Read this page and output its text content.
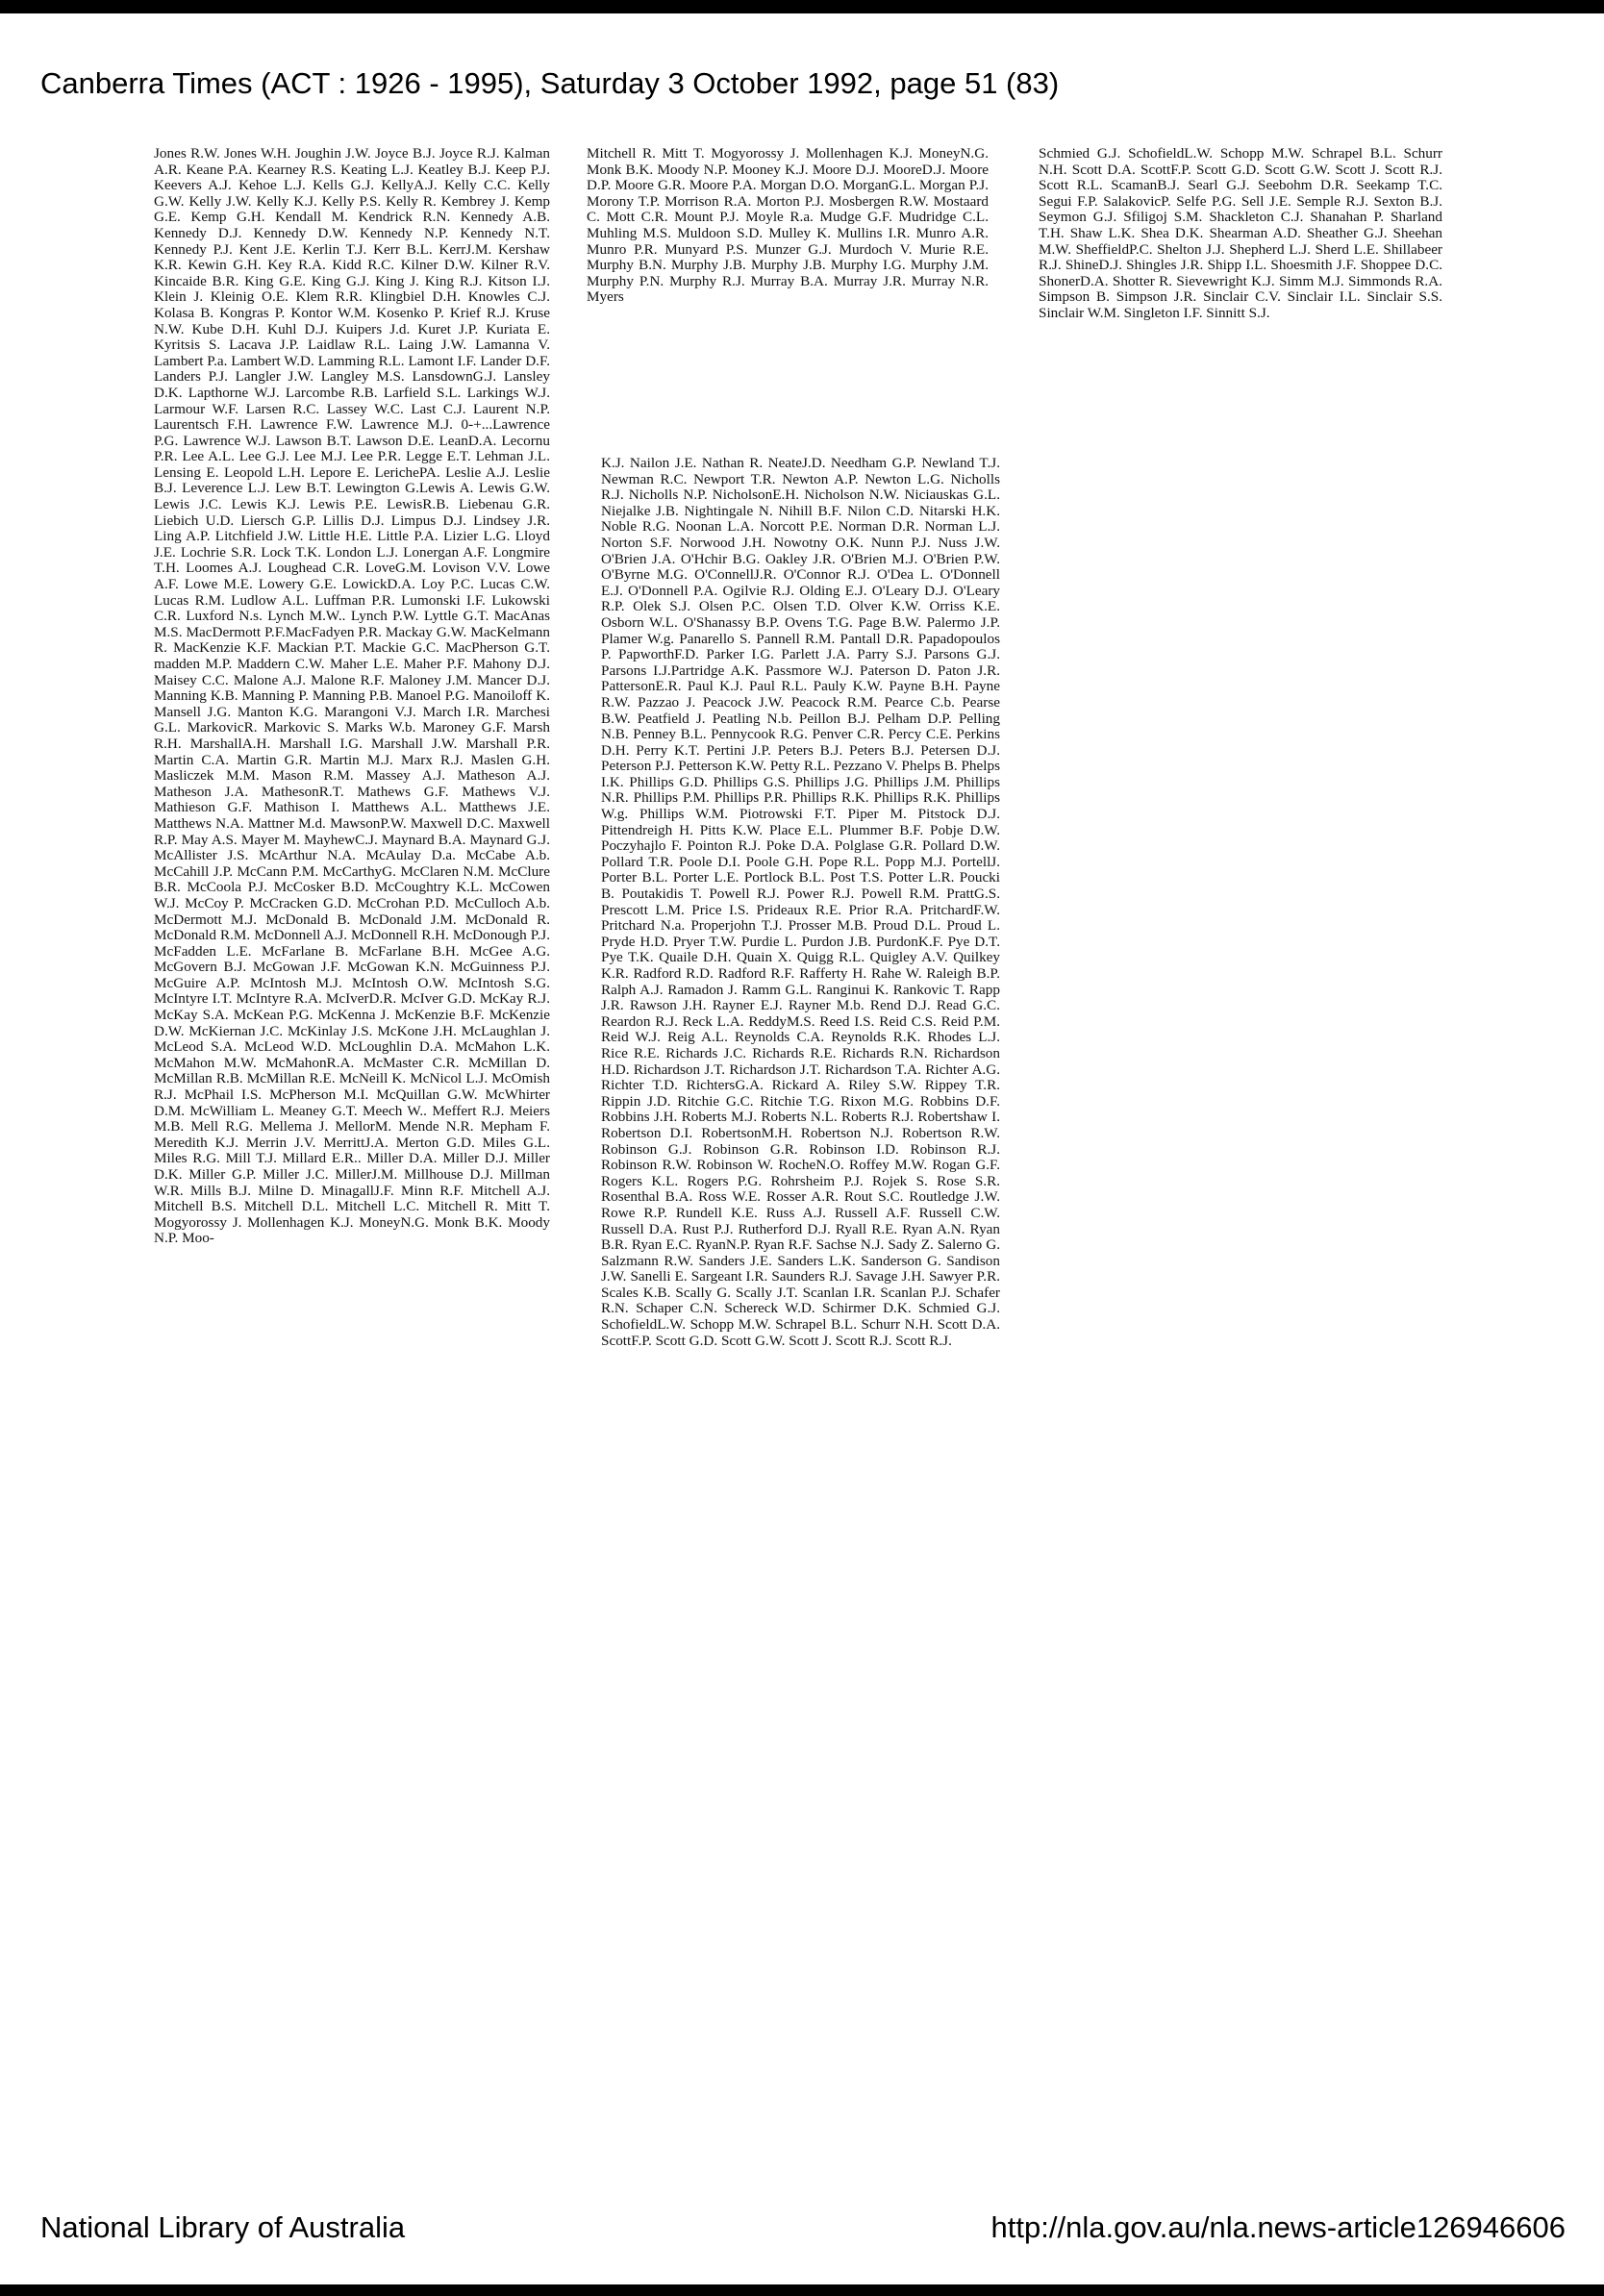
Canberra Times (ACT : 1926 - 1995), Saturday 3 October 1992, page 51 (83)

Jones R.W. Jones W.H. Joughin J.W. Joyce B.J. Joyce R.J. Kalman A.R. Keane P.A. Kearney R.S. Keating L.J. Keatley B.J. Keep P.J. Keevers A.J. Kehoe L.J. Kells G.J. KellyA.J. Kelly C.C. Kelly G.W. Kelly J.W. Kelly K.J. Kelly P.S. Kelly R. Kembrey J. Kemp G.E. Kemp G.H. Kendall M. Kendrick R.N. Kennedy A.B. Kennedy D.J. Kennedy D.W. Kennedy N.P. Kennedy N.T. Kennedy P.J. Kent J.E. Kerlin T.J. Kerr B.L. KerrJ.M. Kershaw K.R. Kewin G.H. Key R.A. Kidd R.C. Kilner D.W. Kilner R.V. Kincaide B.R. King G.E. King G.J. King J. King R.J. Kitson I.J. Klein J. Kleinig O.E. Klem R.R. Klingbiel D.H. Knowles C.J. Kolasa B. Kongras P. Kontor W.M. Kosenko P. Krief R.J. Kruse N.W. Kube D.H. Kuhl D.J. Kuipers J.d. Kuret J.P. Kuriata E. Kyritsis S. Lacava J.P. Laidlaw R.L. Laing J.W. Lamanna V. Lambert P.a. Lambert W.D. Lamming R.L. Lamont I.F. Lander D.F. Landers P.J. Langler J.W. Langley M.S. LansdownG.J. Lansley D.K. Lapthorne W.J. Larcombe R.B. Larfield S.L. Larkings W.J. Larmour W.F. Larsen R.C. Lassey W.C. Last C.J. Laurent N.P. Laurentsch F.H. Lawrence F.W. Lawrence M.J. 0-+...Lawrence P.G. Lawrence W.J. Lawson B.T. Lawson D.E. LeanD.A. Lecornu P.R. Lee A.L. Lee G.J. Lee M.J. Lee P.R. Legge E.T. Lehman J.L. Lensing E. Leopold L.H. Lepore E. LerichePA. Leslie A.J. Leslie B.J. Leverence L.J. Lew B.T. Lewington G.Lewis A. Lewis G.W. Lewis J.C. Lewis K.J. Lewis P.E. LewisR.B. Liebenau G.R. Liebich U.D. Liersch G.P. Lillis D.J. Limpus D.J. Lindsey J.R. Ling A.P. Litchfield J.W. Little H.E. Little P.A. Lizier L.G. Lloyd J.E. Lochrie S.R. Lock T.K. London L.J. Lonergan A.F. Longmire T.H. Loomes A.J. Loughead C.R. LoveG.M. Lovison V.V. Lowe A.F. Lowe M.E. Lowery G.E. LowickD.A. Loy P.C. Lucas C.W. Lucas R.M. Ludlow A.L. Luffman P.R. Lumonski I.F. Lukowski C.R. Luxford N.s. Lynch M.W.. Lynch P.W. Lyttle G.T. MacAnas M.S. MacDermott P.F.MacFadyen P.R. Mackay G.W. MacKelmann R. MacKenzie K.F. Mackian P.T. Mackie G.C. MacPherson G.T. madden M.P. Maddern C.W. Maher L.E. Maher P.F. Mahony D.J. Maisey C.C. Malone A.J. Malone R.F. Maloney J.M. Mancer D.J. Manning K.B. Manning P. Manning P.B. Manoel P.G. Manoiloff K. Mansell J.G. Manton K.G. Marangoni V.J. March I.R. Marchesi G.L. MarkovicR. Markovic S. Marks W.b. Maroney G.F. Marsh R.H. MarshallA.H. Marshall I.G. Marshall J.W. Marshall P.R. Martin C.A. Martin G.R. Martin M.J. Marx R.J. Maslen G.H. Masliczek M.M. Mason R.M. Massey A.J. Matheson A.J. Matheson J.A. MathesonR.T. Mathews G.F. Mathews V.J. Mathieson G.F. Mathison I. Matthews A.L. Matthews J.E. Matthews N.A. Mattner M.d. MawsonP.W. Maxwell D.C. Maxwell R.P. May A.S. Mayer M. MayhewC.J. Maynard B.A. Maynard G.J. McAllister J.S. McArthur N.A. McAulay D.a. McCabe A.b. McCahill J.P. McCann P.M. McCarthyG. McClaren N.M. McClure B.R. McCoola P.J. McCosker B.D. McCoughtry K.L. McCowen W.J. McCoy P. McCracken G.D. McCrohan P.D. McCulloch A.b. McDermott M.J. McDonald B. McDonald J.M. McDonald R. McDonald R.M. McDonnell A.J. McDonnell R.H. McDonough P.J. McFadden L.E. McFarlane B. McFarlane B.H. McGee A.G. McGovern B.J. McGowan J.F. McGowan K.N. McGuinness P.J. McGuire A.P. McIntosh M.J. McIntosh O.W. McIntosh S.G. McIntyre I.T. McIntyre R.A. McIverD.R. McIver G.D. McKay R.J. McKay S.A. McKean P.G. McKenna J. McKenzie B.F. McKenzie D.W. McKiernan J.C. McKinlay J.S. McKone J.H. McLaughlan J. McLeod S.A. McLeod W.D. McLoughlin D.A. McMahon L.K. McMahon M.W. McMahonR.A. McMaster C.R. McMillan D. McMillan R.B. McMillan R.E. McNeill K. McNicol L.J. McOmish R.J. McPhail I.S. McPherson M.I. McQuillan G.W. McWhirter D.M. McWilliam L. Meaney G.T. Meech W.. Meffert R.J. Meiers M.B. Mell R.G. Mellema J. MellorM. Mende N.R. Mepham F. Meredith K.J. Merrin J.V. MerrittJ.A. Merton G.D. Miles G.L. Miles R.G. Mill T.J. Millard E.R.. Miller D.A. Miller D.J. Miller D.K. Miller G.P. Miller J.C. MillerJ.M. Millhouse D.J. Millman W.R. Mills B.J. Milne D. MinagallJ.F. Minn R.F. Mitchell A.J. Mitchell B.S. Mitchell D.L. Mitchell L.C. Mitchell R. Mitt T. Mogyorossy J. Mollenhagen K.J. MoneyN.G. Monk B.K. Moody N.P. Moo-

Mitchell R. Mitt T. Mogyorossy J. Mollenhagen K.J. MoneyN.G. Monk B.K. Moody N.P. Mooney K.J. Moore D.J. MooreD.J. Moore D.P. Moore G.R. Moore P.A. Morgan D.O. MorganG.L. Morgan P.J. Morony T.P. Morrison R.A. Morton P.J. Mosbergen R.W. Mostaard C. Mott C.R. Mount P.J. Moyle R.a. Mudge G.F. Mudridge C.L. Muhling M.S. Muldoon S.D. Mulley K. Mullins I.R. Munro A.R. Munro P.R. Munyard P.S. Munzer G.J. Murdoch V. Murie R.E. Murphy B.N. Murphy J.B. Murphy J.B. Murphy I.G. Murphy J.M. Murphy P.N. Murphy R.J. Murray B.A. Murray J.R. Murray N.R. Myers

K.J. Nailon J.E. Nathan R. NeateJ.D. Needham G.P. Newland T.J. Newman R.C. Newport T.R. Newton A.P. Newton L.G. Nicholls R.J. Nicholls N.P. NicholsonE.H. Nicholson N.W. Niciauskas G.L. Niejalke J.B. Nightingale N. Nihill B.F. Nilon C.D. Nitarski H.K. Noble R.G. Noonan L.A. Norcott P.E. Norman D.R. Norman L.J. Norton S.F. Norwood J.H. Nowotny O.K. Nunn P.J. Nuss J.W. O'Brien J.A. O'Hchir B.G. Oakley J.R. O'Brien M.J. O'Brien P.W. O'Byrne M.G. O'ConnellJ.R. O'Connor R.J. O'Dea L. O'Donnell E.J. O'Donnell P.A. Ogilvie R.J. Olding E.J. O'Leary D.J. O'Leary R.P. Olek S.J. Olsen P.C. Olsen T.D. Olver K.W. Orriss K.E. Osborn W.L. O'Shanassy B.P. Ovens T.G. Page B.W. Palermo J.P. Plamer W.g. Panarello S. Pannell R.M. Pantall D.R. Papadopoulos P. PapworthF.D. Parker I.G. Parlett J.A. Parry S.J. Parsons G.J. Parsons I.J.Partridge A.K. Passmore W.J. Paterson D. Paton J.R. PattersonE.R. Paul K.J. Paul R.L. Pauly K.W. Payne B.H. Payne R.W. Pazzao J. Peacock J.W. Peacock R.M. Pearce C.b. Pearse B.W. Peatfield J. Peatling N.b. Peillon B.J. Pelham D.P. Pelling N.B. Penney B.L. Pennycook R.G. Penver C.R. Percy C.E. Perkins D.H. Perry K.T. Pertini J.P. Peters B.J. Peters B.J. Petersen D.J. Peterson P.J. Petterson K.W. Petty R.L. Pezzano V. Phelps B. Phelps I.K. Phillips G.D. Phillips G.S. Phillips J.G. Phillips J.M. Phillips N.R. Phillips P.M. Phillips P.R. Phillips R.K. Phillips R.K. Phillips W.g. Phillips W.M. Piotrowski F.T. Piper M. Pitstock D.J. Pittendreigh H. Pitts K.W. Place E.L. Plummer B.F. Pobje D.W. Poczyhajlo F. Pointon R.J. Poke D.A. Polglase G.R. Pollard D.W. Pollard T.R. Poole D.I. Poole G.H. Pope R.L. Popp M.J. PortellJ. Porter B.L. Porter L.E. Portlock B.L. Post T.S. Potter L.R. Poucki B. Poutakidis T. Powell R.J. Power R.J. Powell R.M. PrattG.S. Prescott L.M. Price I.S. Prideaux R.E. Prior R.A. PritchardF.W. Pritchard N.a. Properjohn T.J. Prosser M.B. Proud D.L. Proud L. Pryde H.D. Pryer T.W. Purdie L. Purdon J.B. PurdonK.F. Pye D.T. Pye T.K. Quaile D.H. Quain X. Quigg R.L. Quigley A.V. Quilkey K.R. Radford R.D. Radford R.F. Rafferty H. Rahe W. Raleigh B.P. Ralph A.J. Ramadon J. Ramm G.L. Ranginui K. Rankovic T. Rapp J.R. Rawson J.H. Rayner E.J. Rayner M.b. Rend D.J. Read G.C. Reardon R.J. Reck L.A. ReddyM.S. Reed I.S. Reid C.S. Reid P.M. Reid W.J. Reig A.L. Reynolds C.A. Reynolds R.K. Rhodes L.J. Rice R.E. Richards J.C. Richards R.E. Richards R.N. Richardson H.D. Richardson J.T. Richardson J.T. Richardson T.A. Richter A.G. Richter T.D. RichtersG.A. Rickard A. Riley S.W. Rippey T.R. Rippin J.D. Ritchie G.C. Ritchie T.G. Rixon M.G. Robbins D.F. Robbins J.H. Roberts M.J. Roberts N.L. Roberts R.J. Robertshaw I. Robertson D.I. RobertsonM.H. Robertson N.J. Robertson R.W. Robinson G.J. Robinson G.R. Robinson I.D. Robinson R.J. Robinson R.W. Robinson W. RocheN.O. Roffey M.W. Rogan G.F. Rogers K.L. Rogers P.G. Rohrsheim P.J. Rojek S. Rose S.R. Rosenthal B.A. Ross W.E. Rosser A.R. Rout S.C. Routledge J.W. Rowe R.P. Rundell K.E. Russ A.J. Russell A.F. Russell C.W. Russell D.A. Rust P.J. Rutherford D.J. Ryall R.E. Ryan A.N. Ryan B.R. Ryan E.C. RyanN.P. Ryan R.F. Sachse N.J. Sady Z. Salerno G. Salzmann R.W. Sanders J.E. Sanders L.K. Sanderson G. Sandison J.W. Sanelli E. Sargeant I.R. Saunders R.J. Savage J.H. Sawyer P.R. Scales K.B. Scally G. Scally J.T. Scanlan I.R. Scanlan P.J. Schafer R.N. Schaper C.N. Schereck W.D. Schirmer D.K. Schmied G.J. SchofieldL.W. Schopp M.W. Schrapel B.L. Schurr N.H. Scott D.A. ScottF.P. Scott G.D. Scott G.W. Scott J. Scott R.J. Scott R.J.

Schmied G.J. SchofieldL.W. Schopp M.W. Schrapel B.L. Schurr N.H. Scott D.A. ScottF.P. Scott G.D. Scott G.W. Scott J. Scott R.J. Scott R.L. ScamanB.J. Searl G.J. Seebohm D.R. Seekamp T.C. Segui F.P. SalakovicP. Selfe P.G. Sell J.E. Semple R.J. Sexton B.J. Seymon G.J. Sfiligoj S.M. Shackleton C.J. Shanahan P. Sharland T.H. Shaw L.K. Shea D.K. Shearman A.D. Sheather G.J. Sheehan M.W. SheffieldP.C. Shelton J.J. Shepherd L.J. Sherd L.E. Shillabeer R.J. ShineD.J. Shingles J.R. Shipp I.L. Shoesmith J.F. Shoppee D.C. ShonerD.A. Shotter R. Sievewright K.J. Simm M.J. Simmonds R.A. Simpson B. Simpson J.R. Sinclair C.V. Sinclair I.L. Sinclair S.S. Sinclair W.M. Singleton I.F. Sinnitt S.J.

National Library of Australia	http://nla.gov.au/nla.news-article126946606
